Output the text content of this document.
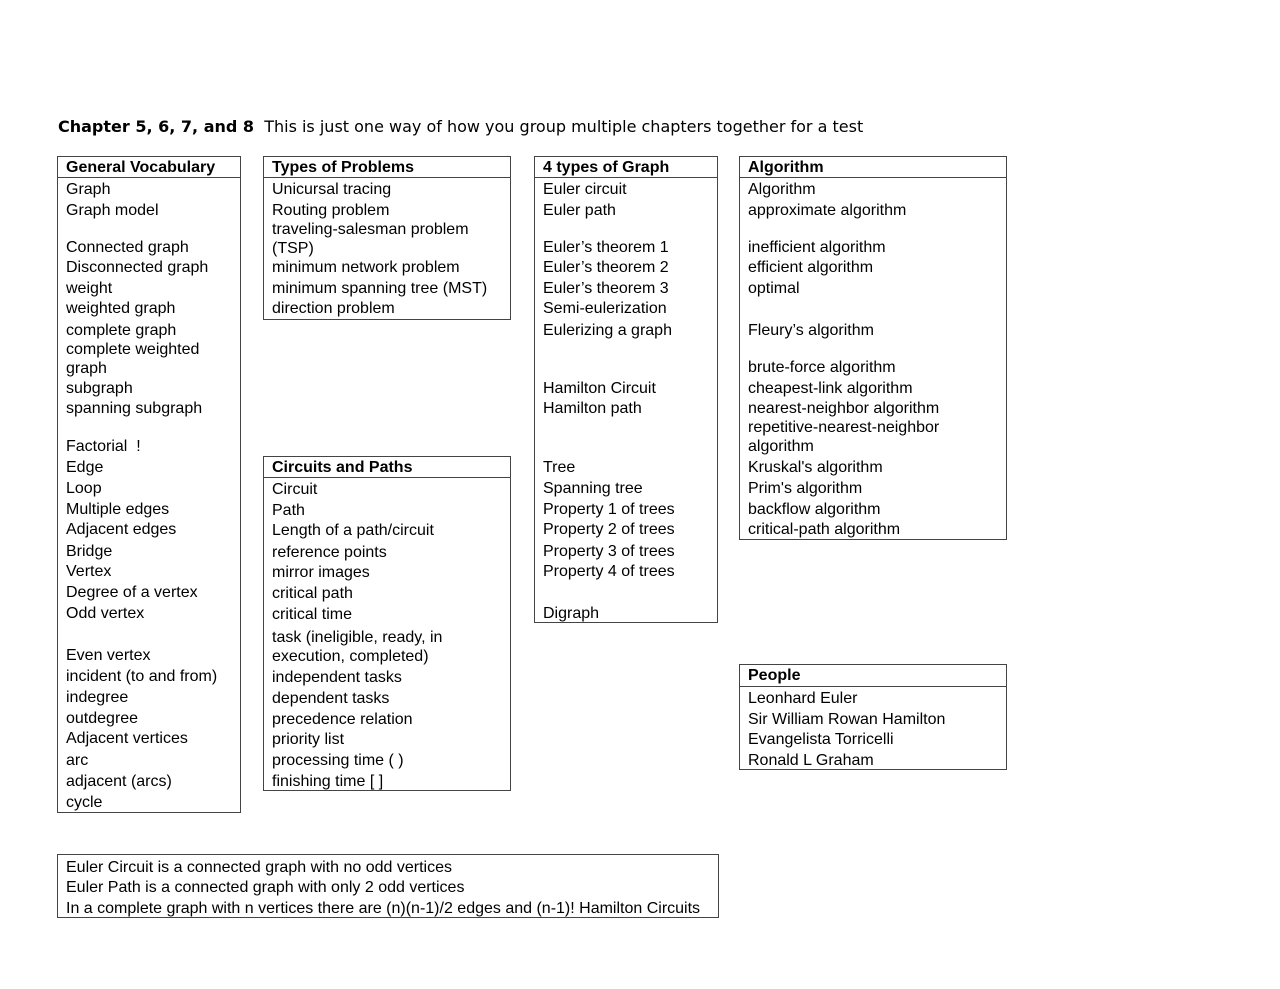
Chapter 5, 6, 7, and 8 This is just one way of how you group multiple chapters together for a test
General Vocabulary
Graph
Graph model
Connected graph
Disconnected graph
weight
weighted graph
complete graph
complete weighted graph
subgraph
spanning subgraph
Factorial  !
Edge
Loop
Multiple edges
Adjacent edges
Bridge
Vertex
Degree of a vertex
Odd vertex
Even vertex
incident (to and from)
indegree
outdegree
Adjacent vertices
arc
adjacent (arcs)
cycle
Types of Problems
Unicursal tracing
Routing problem
traveling-salesman problem (TSP)
minimum network problem
minimum spanning tree (MST)
direction problem
Circuits and Paths
Circuit
Path
Length of a path/circuit
reference points
mirror images
critical path
critical time
task (ineligible, ready, in execution, completed)
independent tasks
dependent tasks
precedence relation
priority list
processing time ( )
finishing time [ ]
4 types of Graph
Euler circuit
Euler path
Euler’s theorem 1
Euler’s theorem 2
Euler’s theorem 3
Semi-eulerization
Eulerizing a graph
Hamilton Circuit
Hamilton path
Tree
Spanning tree
Property 1 of trees
Property 2 of trees
Property 3 of trees
Property 4 of trees
Digraph
Algorithm
Algorithm
approximate algorithm
inefficient algorithm
efficient algorithm
optimal
Fleury’s algorithm
brute-force algorithm
cheapest-link algorithm
nearest-neighbor algorithm
repetitive-nearest-neighbor algorithm
Kruskal's algorithm
Prim's algorithm
backflow algorithm
critical-path algorithm
People
Leonhard Euler
Sir William Rowan Hamilton
Evangelista Torricelli
Ronald L Graham
Euler Circuit is a connected graph with no odd vertices
Euler Path is a connected graph with only 2 odd vertices
In a complete graph with n vertices there are (n)(n-1)/2 edges and (n-1)! Hamilton Circuits
